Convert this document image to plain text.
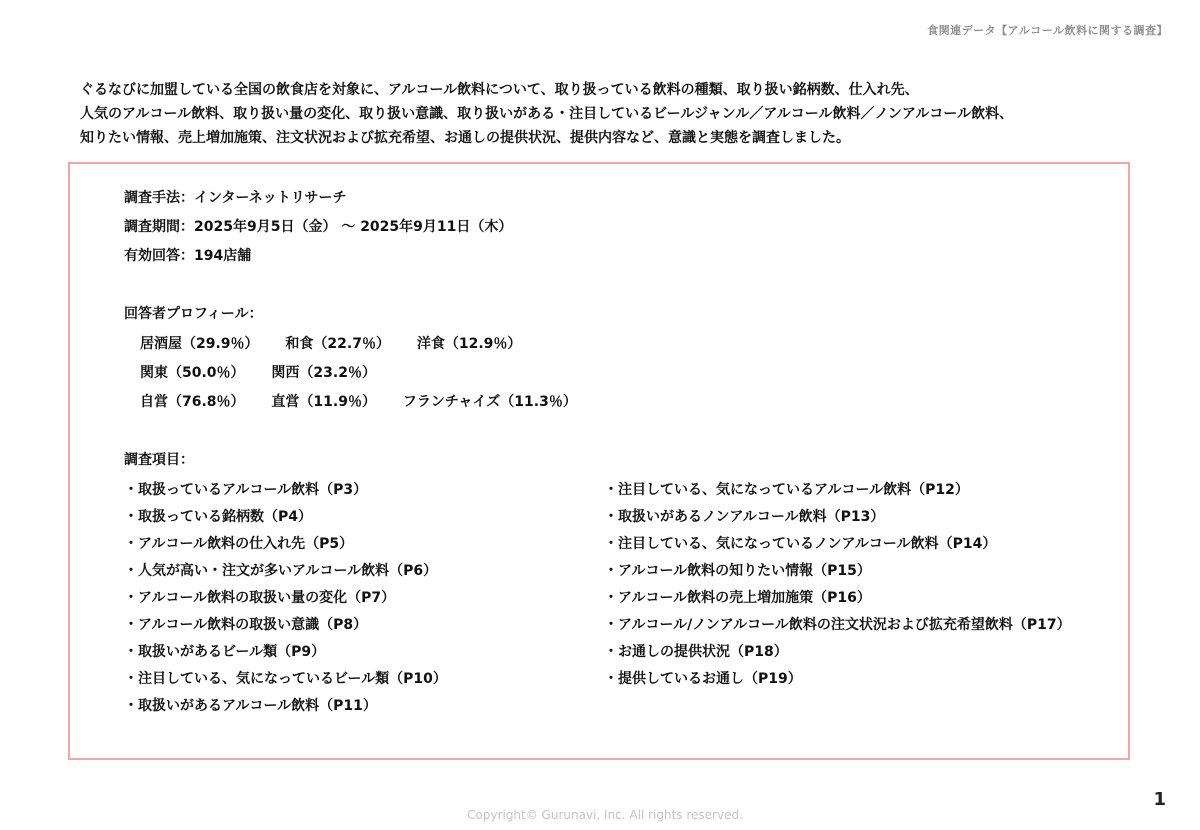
食関連データ【アルコール飲料に関する調査】
ぐるなびに加盟している全国の飲食店を対象に、アルコール飲料について、取り扱っている飲料の種類、取り扱い銘柄数、仕入れ先、
人気のアルコール飲料、取り扱い量の変化、取り扱い意識、取り扱いがある・注目しているビールジャンル／アルコール飲料／ノンアルコール飲料、
知りたい情報、売上増加施策、注文状況および拡充希望、お通しの提供状況、提供内容など、意識と実態を調査しました。
調査手法：インターネットリサーチ
調査期間：2025年9月5日（金） ～ 2025年9月11日（木）
有効回答：194店舗
回答者プロフィール：
居酒屋（29.9％） 和食（22.7％） 洋食（12.9％）
関東（50.0％） 関西（23.2％）
自営（76.8％） 直営（11.9％） フランチャイズ（11.3％）
調査項目：
・取扱っているアルコール飲料（P3）
・取扱っている銘柄数（P4）
・アルコール飲料の仕入れ先（P5）
・人気が高い・注文が多いアルコール飲料（P6）
・アルコール飲料の取扱い量の変化（P7）
・アルコール飲料の取扱い意識（P8）
・取扱いがあるビール類（P9）
・注目している、気になっているビール類（P10）
・取扱いがあるアルコール飲料（P11）
・注目している、気になっているアルコール飲料（P12）
・取扱いがあるノンアルコール飲料（P13）
・注目している、気になっているノンアルコール飲料（P14）
・アルコール飲料の知りたい情報（P15）
・アルコール飲料の売上増加施策（P16）
・アルコール/ノンアルコール飲料の注文状況および拡充希望飲料（P17）
・お通しの提供状況（P18）
・提供しているお通し（P19）
Copyright© Gurunavi, Inc. All rights reserved.
1
